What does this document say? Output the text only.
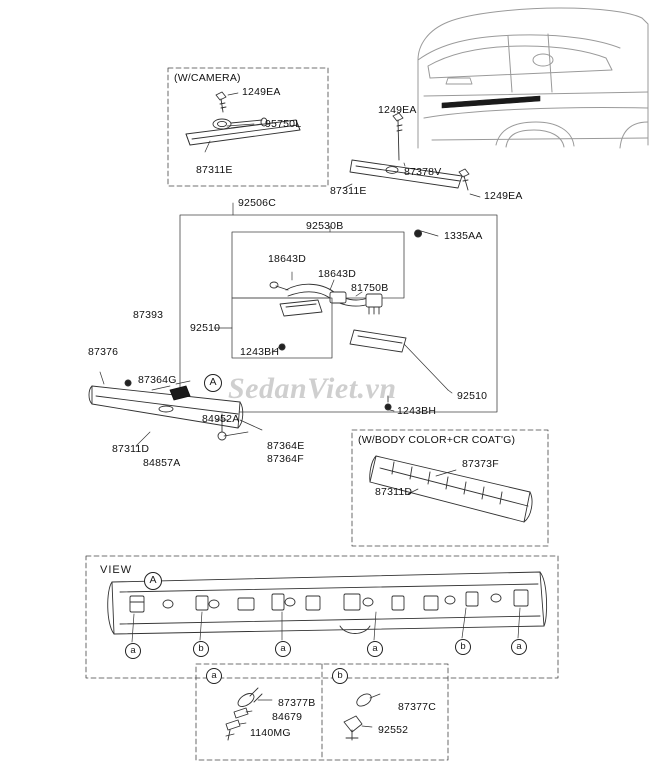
SedanViet.vn
(W/CAMERA)
(W/BODY COLOR+CR COAT'G)
VIEW
A
A
a	b	a	a	b	a
a	b
1249EA
95750L
87311E
1249EA
87378V
1249EA
87311E
92506C
1335AA
92530B
18643D
18643D
81750B
87393
92510
1243BH
87376
87364G
84952A
92510
1243BH
87311D
84857A
87364E
87364F	87373F
87311D
87377B
84679
1140MG
87377C
92552
